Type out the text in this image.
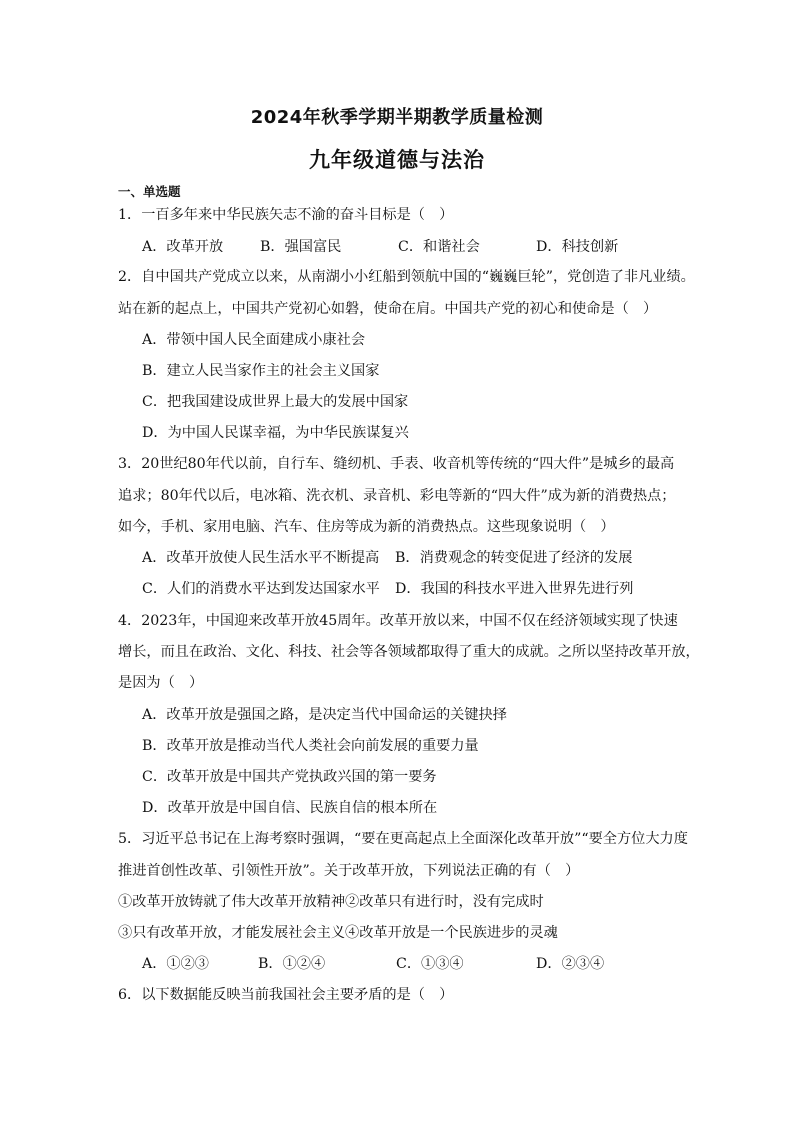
2024年秋季学期半期教学质量检测
九年级道德与法治
一、单选题
1．一百多年来中华民族矢志不渝的奋斗目标是（　）
A．改革开放	B．强国富民	C．和谐社会	D．科技创新
2．自中国共产党成立以来，从南湖小小红船到领航中国的“巍巍巨轮”，党创造了非凡业绩。
站在新的起点上，中国共产党初心如磐，使命在肩。中国共产党的初心和使命是（　）
A．带领中国人民全面建成小康社会
B．建立人民当家作主的社会主义国家
C．把我国建设成世界上最大的发展中国家
D．为中国人民谋幸福，为中华民族谋复兴
3．20世纪80年代以前，自行车、缝纫机、手表、收音机等传统的“四大件”是城乡的最高
追求；80年代以后，电冰箱、洗衣机、录音机、彩电等新的“四大件”成为新的消费热点；
如今，手机、家用电脑、汽车、住房等成为新的消费热点。这些现象说明（　）
A．改革开放使人民生活水平不断提高 B．消费观念的转变促进了经济的发展
C．人们的消费水平达到发达国家水平 D．我国的科技水平进入世界先进行列
4．2023年，中国迎来改革开放45周年。改革开放以来，中国不仅在经济领域实现了快速
增长，而且在政治、文化、科技、社会等各领域都取得了重大的成就。之所以坚持改革开放，
是因为（　）
A．改革开放是强国之路，是决定当代中国命运的关键抉择
B．改革开放是推动当代人类社会向前发展的重要力量
C．改革开放是中国共产党执政兴国的第一要务
D．改革开放是中国自信、民族自信的根本所在
5．习近平总书记在上海考察时强调，“要在更高起点上全面深化改革开放”“要全方位大力度
推进首创性改革、引领性开放”。关于改革开放，下列说法正确的有（　）
①改革开放铸就了伟大改革开放精神②改革只有进行时，没有完成时
③只有改革开放，才能发展社会主义④改革开放是一个民族进步的灵魂
A．①②③	B．①②④	C．①③④	D．②③④
6．以下数据能反映当前我国社会主要矛盾的是（　）
